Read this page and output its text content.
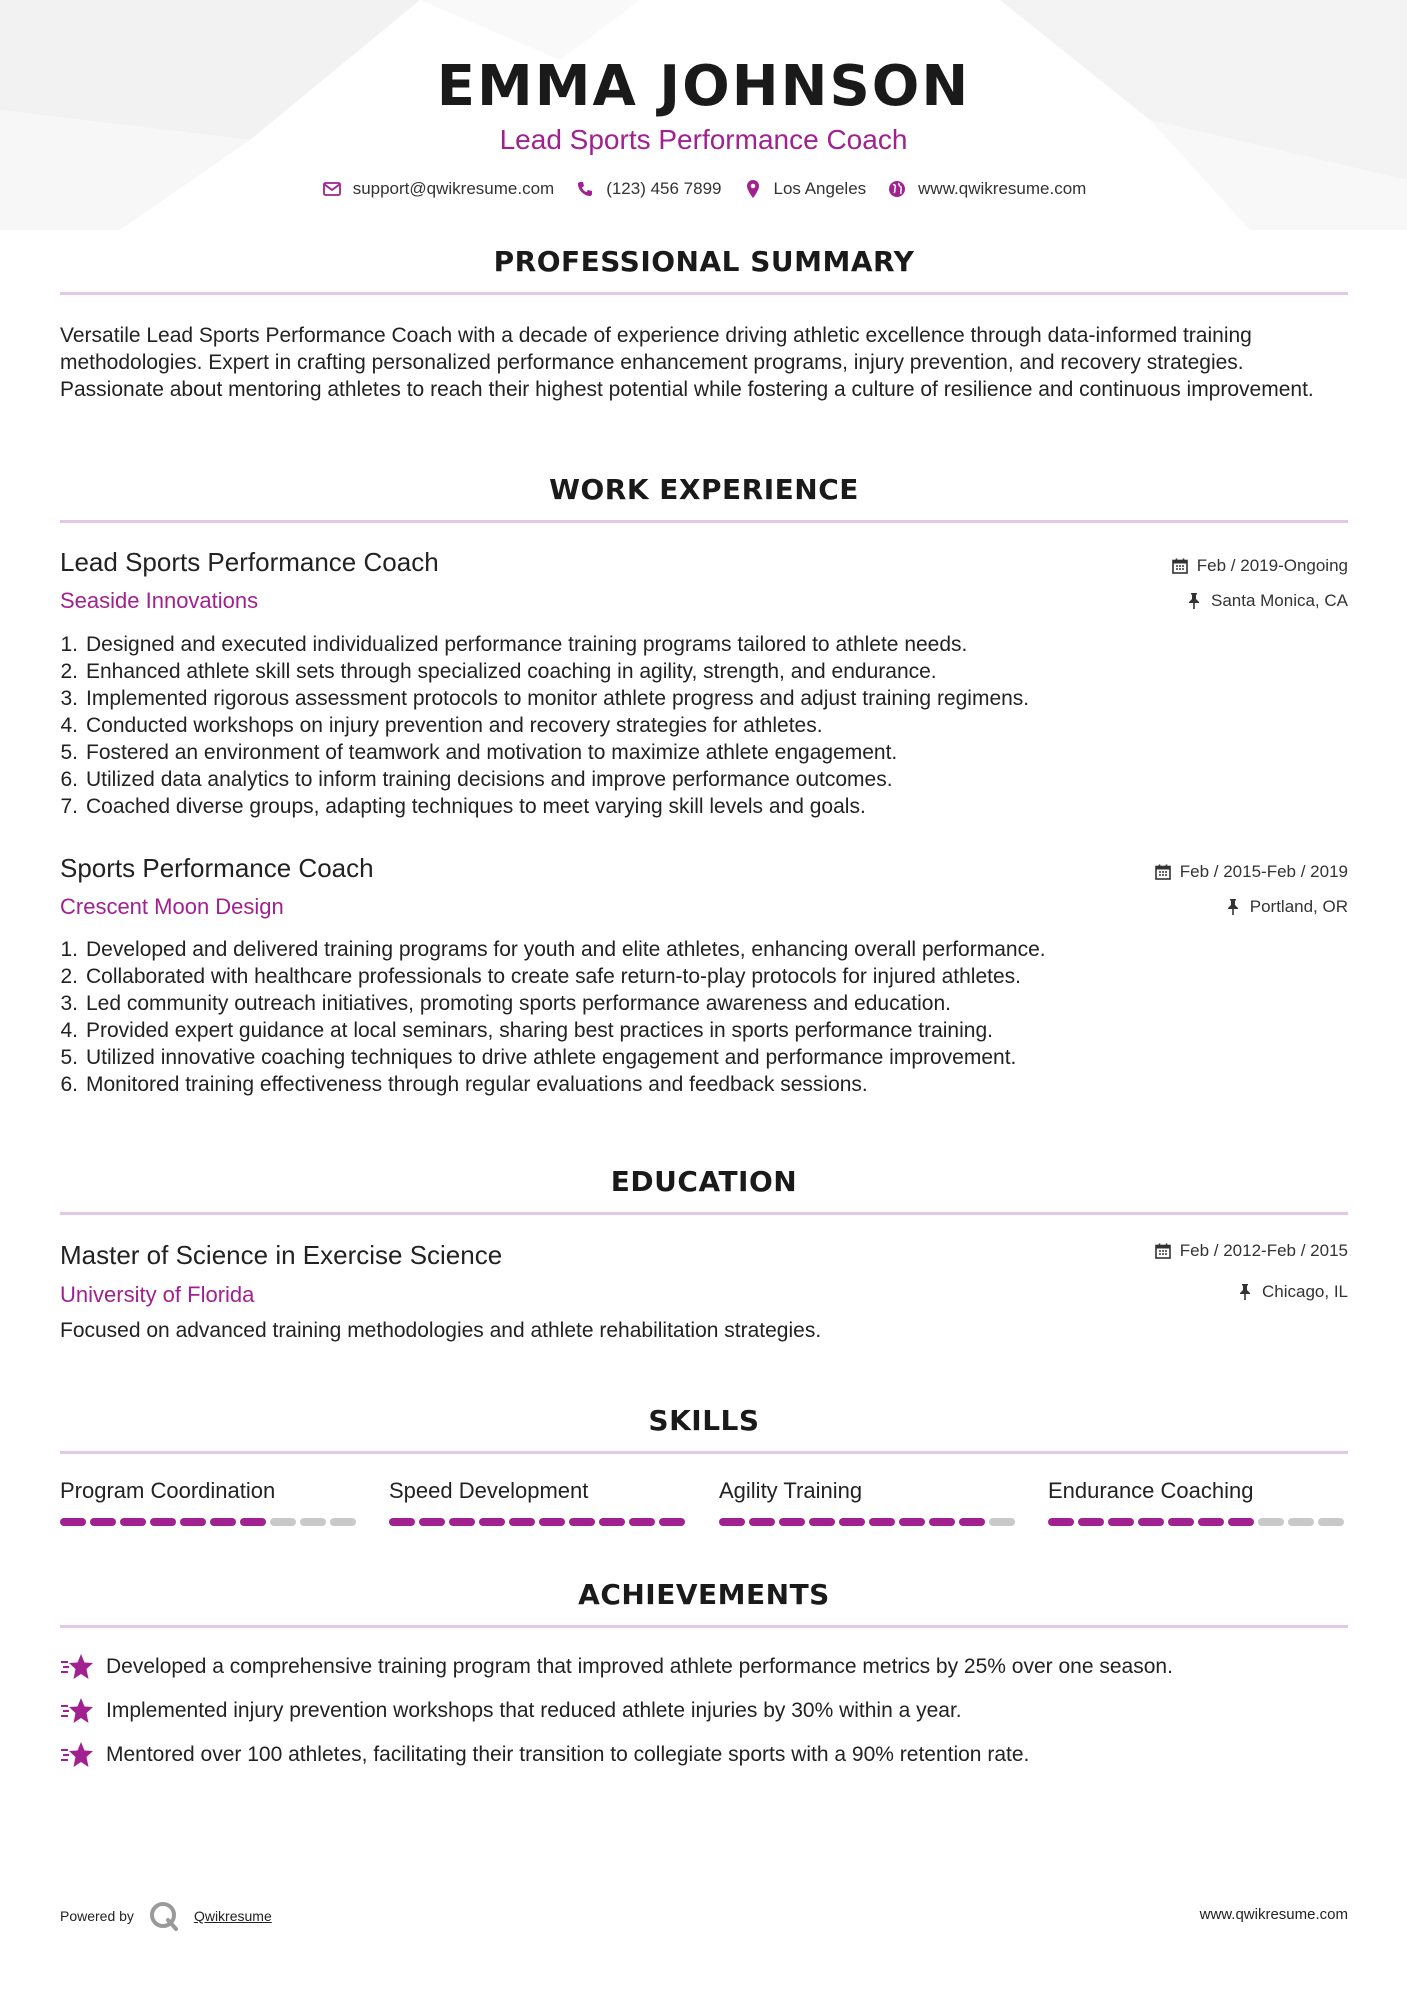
EMMA JOHNSON
Lead Sports Performance Coach
support@qwikresume.com	(123) 456 7899	Los Angeles	www.qwikresume.com
PROFESSIONAL SUMMARY
Versatile Lead Sports Performance Coach with a decade of experience driving athletic excellence through data-informed training methodologies. Expert in crafting personalized performance enhancement programs, injury prevention, and recovery strategies. Passionate about mentoring athletes to reach their highest potential while fostering a culture of resilience and continuous improvement.
WORK EXPERIENCE
Lead Sports Performance Coach
Seaside Innovations
Feb / 2019-Ongoing
Santa Monica, CA
1. Designed and executed individualized performance training programs tailored to athlete needs.
2. Enhanced athlete skill sets through specialized coaching in agility, strength, and endurance.
3. Implemented rigorous assessment protocols to monitor athlete progress and adjust training regimens.
4. Conducted workshops on injury prevention and recovery strategies for athletes.
5. Fostered an environment of teamwork and motivation to maximize athlete engagement.
6. Utilized data analytics to inform training decisions and improve performance outcomes.
7. Coached diverse groups, adapting techniques to meet varying skill levels and goals.
Sports Performance Coach
Crescent Moon Design
Feb / 2015-Feb / 2019
Portland, OR
1. Developed and delivered training programs for youth and elite athletes, enhancing overall performance.
2. Collaborated with healthcare professionals to create safe return-to-play protocols for injured athletes.
3. Led community outreach initiatives, promoting sports performance awareness and education.
4. Provided expert guidance at local seminars, sharing best practices in sports performance training.
5. Utilized innovative coaching techniques to drive athlete engagement and performance improvement.
6. Monitored training effectiveness through regular evaluations and feedback sessions.
EDUCATION
Master of Science in Exercise Science
University of Florida
Feb / 2012-Feb / 2015
Chicago, IL
Focused on advanced training methodologies and athlete rehabilitation strategies.
SKILLS
Program Coordination	Speed Development	Agility Training	Endurance Coaching
ACHIEVEMENTS
Developed a comprehensive training program that improved athlete performance metrics by 25% over one season.
Implemented injury prevention workshops that reduced athlete injuries by 30% within a year.
Mentored over 100 athletes, facilitating their transition to collegiate sports with a 90% retention rate.
Powered by	Qwikresume	www.qwikresume.com
